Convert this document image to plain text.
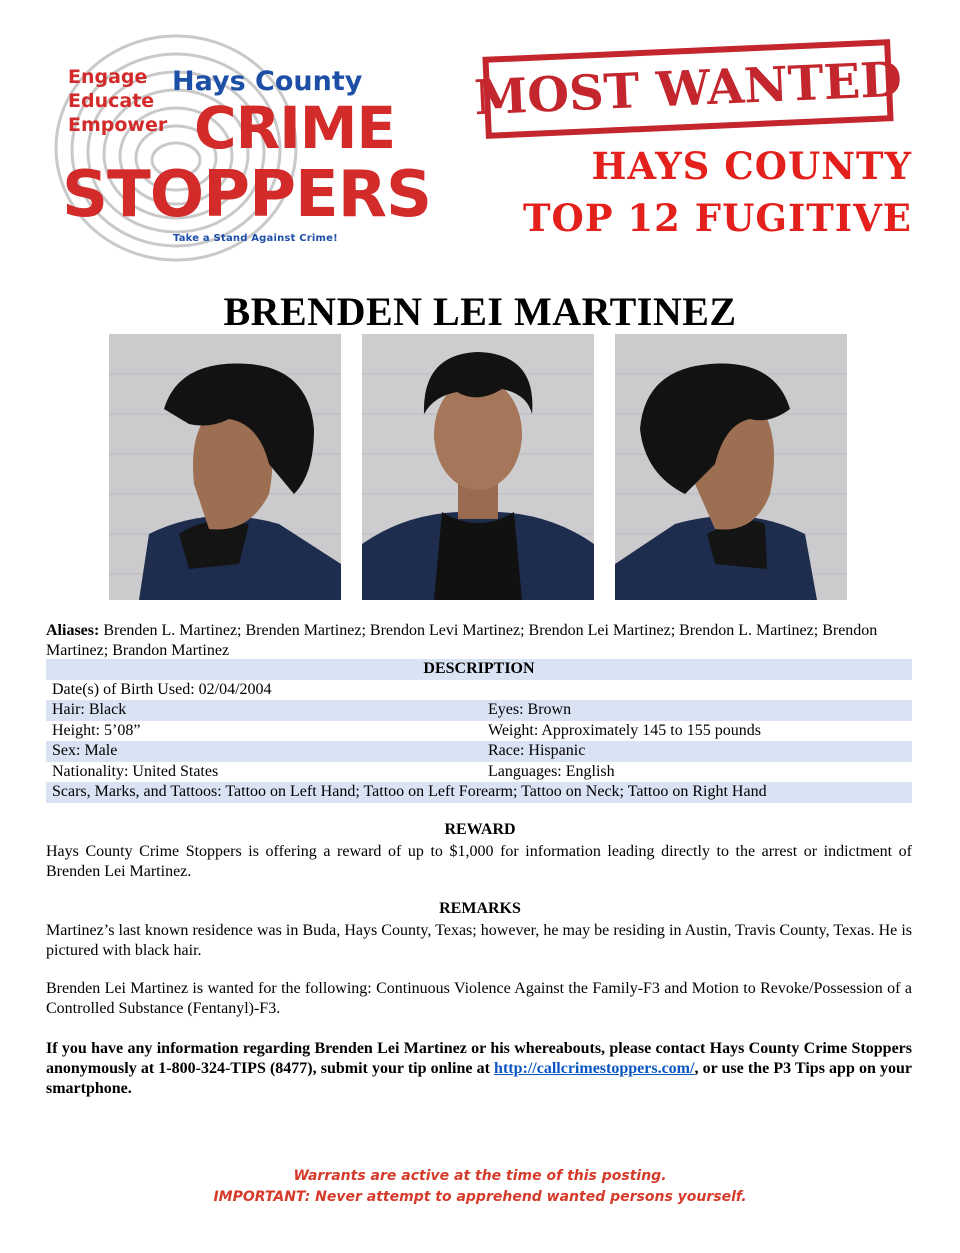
Engage
Educate
Empower
Hays County
CRIME
STOPPERS
Take a Stand Against Crime!
MOST WANTED
HAYS COUNTY
TOP 12 FUGITIVE
BRENDEN LEI MARTINEZ
Aliases: Brenden L. Martinez; Brenden Martinez; Brendon Levi Martinez; Brendon Lei Martinez; Brendon L. Martinez; Brendon Martinez; Brandon Martinez
DESCRIPTION	
Date(s) of Birth Used: 02/04/2004	
Hair: Black	Eyes: Brown
Height: 5’08”	Weight: Approximately 145 to 155 pounds
Sex: Male	Race: Hispanic
Nationality: United States	Languages: English
Scars, Marks, and Tattoos: Tattoo on Left Hand; Tattoo on Left Forearm; Tattoo on Neck; Tattoo on Right Hand	
REWARD
Hays County Crime Stoppers is offering a reward of up to $1,000 for information leading directly to the arrest or indictment of Brenden Lei Martinez.
REMARKS
Martinez’s last known residence was in Buda, Hays County, Texas; however, he may be residing in Austin, Travis County, Texas. He is pictured with black hair.
Brenden Lei Martinez is wanted for the following: Continuous Violence Against the Family-F3 and Motion to Revoke/Possession of a Controlled Substance (Fentanyl)-F3.
If you have any information regarding Brenden Lei Martinez or his whereabouts, please contact Hays County Crime Stoppers anonymously at 1-800-324-TIPS (8477), submit your tip online at http://callcrimestoppers.com/, or use the P3 Tips app on your smartphone.
Warrants are active at the time of this posting.
IMPORTANT: Never attempt to apprehend wanted persons yourself.
